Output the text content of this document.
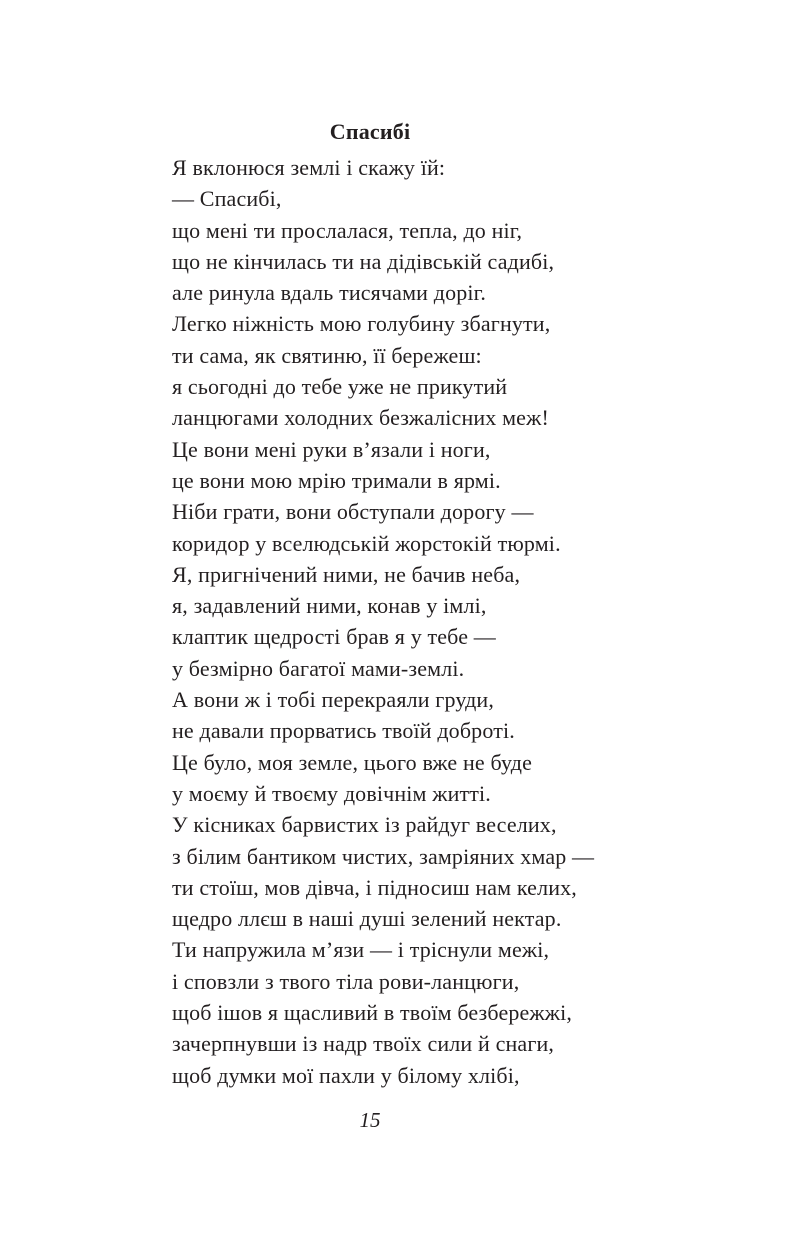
Спасибі
Я вклонюся землі і скажу їй:
— Спасибі,
що мені ти прослалася, тепла, до ніг,
що не кінчилась ти на дідівській садибі,
але ринула вдаль тисячами доріг.
Легко ніжність мою голубину збагнути,
ти сама, як святиню, її бережеш:
я сьогодні до тебе уже не прикутий
ланцюгами холодних безжалісних меж!
Це вони мені руки в’язали і ноги,
це вони мою мрію тримали в ярмі.
Ніби грати, вони обступали дорогу —
коридор у вселюдській жорстокій тюрмі.
Я, пригнічений ними, не бачив неба,
я, задавлений ними, конав у імлі,
клаптик щедрості брав я у тебе —
у безмірно багатої мами-землі.
А вони ж і тобі перекраяли груди,
не давали прорватись твоїй доброті.
Це було, моя земле, цього вже не буде
у моєму й твоєму довічнім житті.
У кісниках барвистих із райдуг веселих,
з білим бантиком чистих, замріяних хмар —
ти стоїш, мов дівча, і підносиш нам келих,
щедро ллєш в наші душі зелений нектар.
Ти напружила м’язи — і тріснули межі,
і сповзли з твого тіла рови-ланцюги,
щоб ішов я щасливий в твоїм безбережжі,
зачерпнувши із надр твоїх сили й снаги,
щоб думки мої пахли у білому хлібі,
15
